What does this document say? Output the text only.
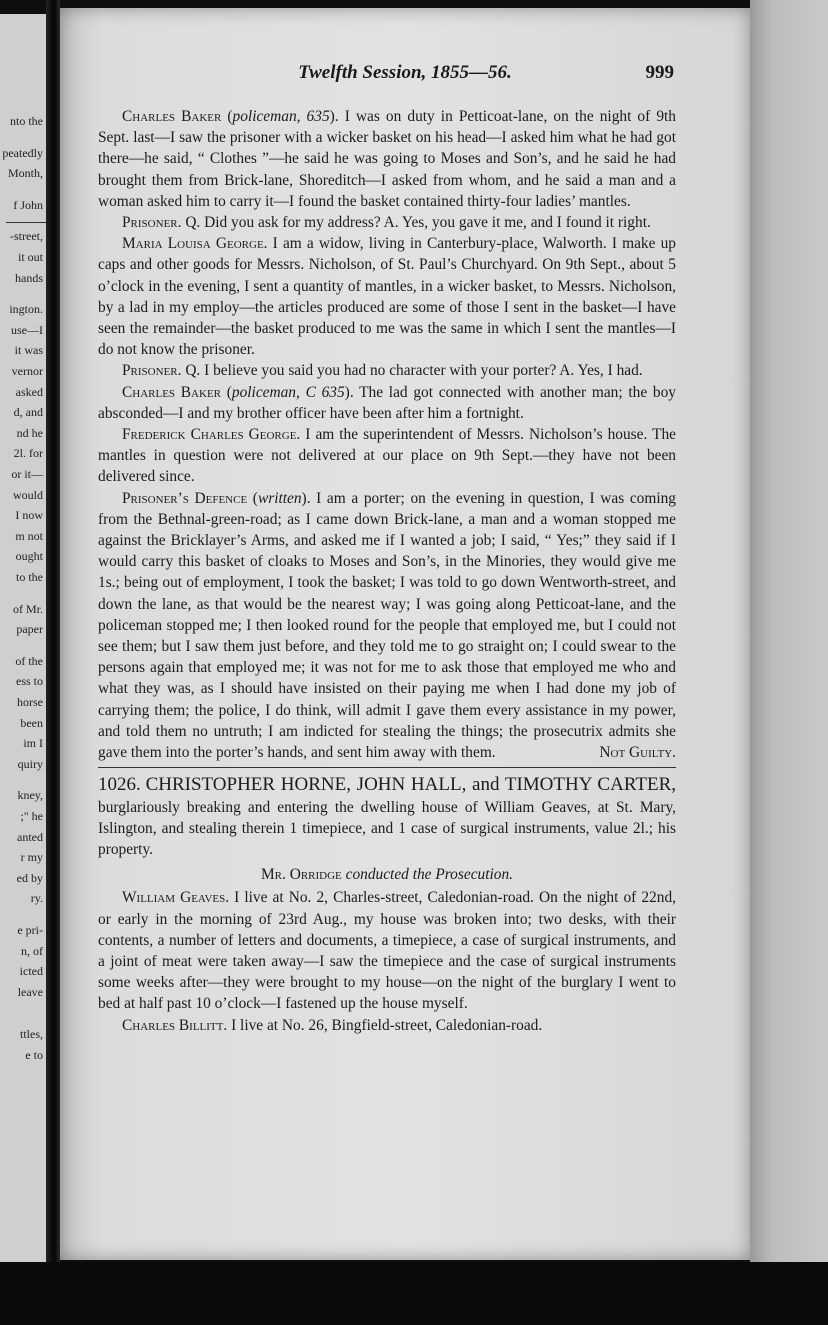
nto the
peatedly
Month,
f John
-street,
it out
hands
ington.
use—I
it was
vernor
asked
d, and
nd he
2l. for
or it—
would
I now
m not
ought
to the
of Mr.
paper
of the
ess to
horse
been
im I
quiry
kney,
;" he
anted
r my
ed by
ry.
e pri-
n, of
icted
leave
ttles,
e to
Twelfth Session, 1855—56.	999

Charles Baker (policeman, 635). I was on duty in Petticoat-lane, on the night of 9th Sept. last—I saw the prisoner with a wicker basket on his head—I asked him what he had got there—he said, “ Clothes ”—he said he was going to Moses and Son’s, and he said he had brought them from Brick-lane, Shoreditch—I asked from whom, and he said a man and a woman asked him to carry it—I found the basket contained thirty-four ladies’ mantles.

Prisoner. Q. Did you ask for my address? A. Yes, you gave it me, and I found it right.

Maria Louisa George. I am a widow, living in Canterbury-place, Walworth. I make up caps and other goods for Messrs. Nicholson, of St. Paul’s Churchyard. On 9th Sept., about 5 o’clock in the evening, I sent a quantity of mantles, in a wicker basket, to Messrs. Nicholson, by a lad in my employ—the articles produced are some of those I sent in the basket—I have seen the remainder—the basket produced to me was the same in which I sent the mantles—I do not know the prisoner.

Prisoner. Q. I believe you said you had no character with your porter? A. Yes, I had.

Charles Baker (policeman, C 635). The lad got connected with another man; the boy absconded—I and my brother officer have been after him a fortnight.

Frederick Charles George. I am the superintendent of Messrs. Nicholson’s house. The mantles in question were not delivered at our place on 9th Sept.—they have not been delivered since.

Prisoner’s Defence (written). I am a porter; on the evening in question, I was coming from the Bethnal-green-road; as I came down Brick-lane, a man and a woman stopped me against the Bricklayer’s Arms, and asked me if I wanted a job; I said, “ Yes;” they said if I would carry this basket of cloaks to Moses and Son’s, in the Minories, they would give me 1s.; being out of employment, I took the basket; I was told to go down Wentworth-street, and down the lane, as that would be the nearest way; I was going along Petticoat-lane, and the policeman stopped me; I then looked round for the people that employed me, but I could not see them; but I saw them just before, and they told me to go straight on; I could swear to the persons again that employed me; it was not for me to ask those that employed me who and what they was, as I should have insisted on their paying me when I had done my job of carrying them; the police, I do think, will admit I gave them every assistance in my power, and told them no untruth; I am indicted for stealing the things; the prosecutrix admits she gave them into the porter’s hands, and sent him away with them.	Not Guilty.

1026. CHRISTOPHER HORNE, JOHN HALL, and TIMOTHY CARTER, burglariously breaking and entering the dwelling house of William Geaves, at St. Mary, Islington, and stealing therein 1 timepiece, and 1 case of surgical instruments, value 2l.; his property.

Mr. Orridge conducted the Prosecution.

William Geaves. I live at No. 2, Charles-street, Caledonian-road. On the night of 22nd, or early in the morning of 23rd Aug., my house was broken into; two desks, with their contents, a number of letters and documents, a timepiece, a case of surgical instruments, and a joint of meat were taken away—I saw the timepiece and the case of surgical instruments some weeks after—they were brought to my house—on the night of the burglary I went to bed at half past 10 o’clock—I fastened up the house myself.

Charles Billitt. I live at No. 26, Bingfield-street, Caledonian-road.
